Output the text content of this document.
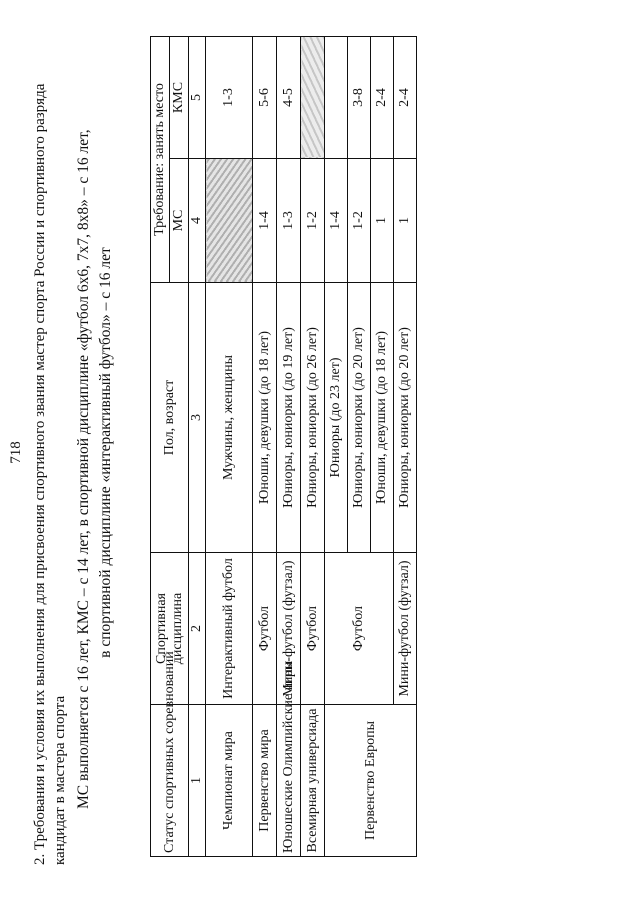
718 2. Требования и условия их выполнения для присвоения спортивного звания мастер спорта России и спортивного разряда кандидат в мастера спорта МС выполняется с 16 лет, КМС – с 14 лет, в спортивной дисциплине «футбол 6х6, 7х7, 8х8» – с 16 лет, в спортивной дисциплине «интерактивный футбол» – с 16 лет
Статус спортивных соревнований	Спортивная дисциплина	Пол, возраст	Требование: занять место	
			МС	КМС
1	2	3	4	5
Чемпионат мира	Интерактивный футбол	Мужчины, женщины		1-3
Первенство мира	Футбол	Юноши, девушки (до 18 лет)	1-4	5-6
Юношеские Олимпийские игры	Мини-футбол (футзал)	Юниоры, юниорки (до 19 лет)	1-3	4-5
Всемирная универсиада	Футбол	Юниоры, юниорки (до 26 лет)	1-2	
Первенство Европы	Футбол	Юниоры (до 23 лет)	1-4	
		Юниоры, юниорки (до 20 лет)	1-2	3-8
		Юноши, девушки (до 18 лет)	1	2-4
	Мини-футбол (футзал)	Юниоры, юниорки (до 20 лет)	1	2-4
